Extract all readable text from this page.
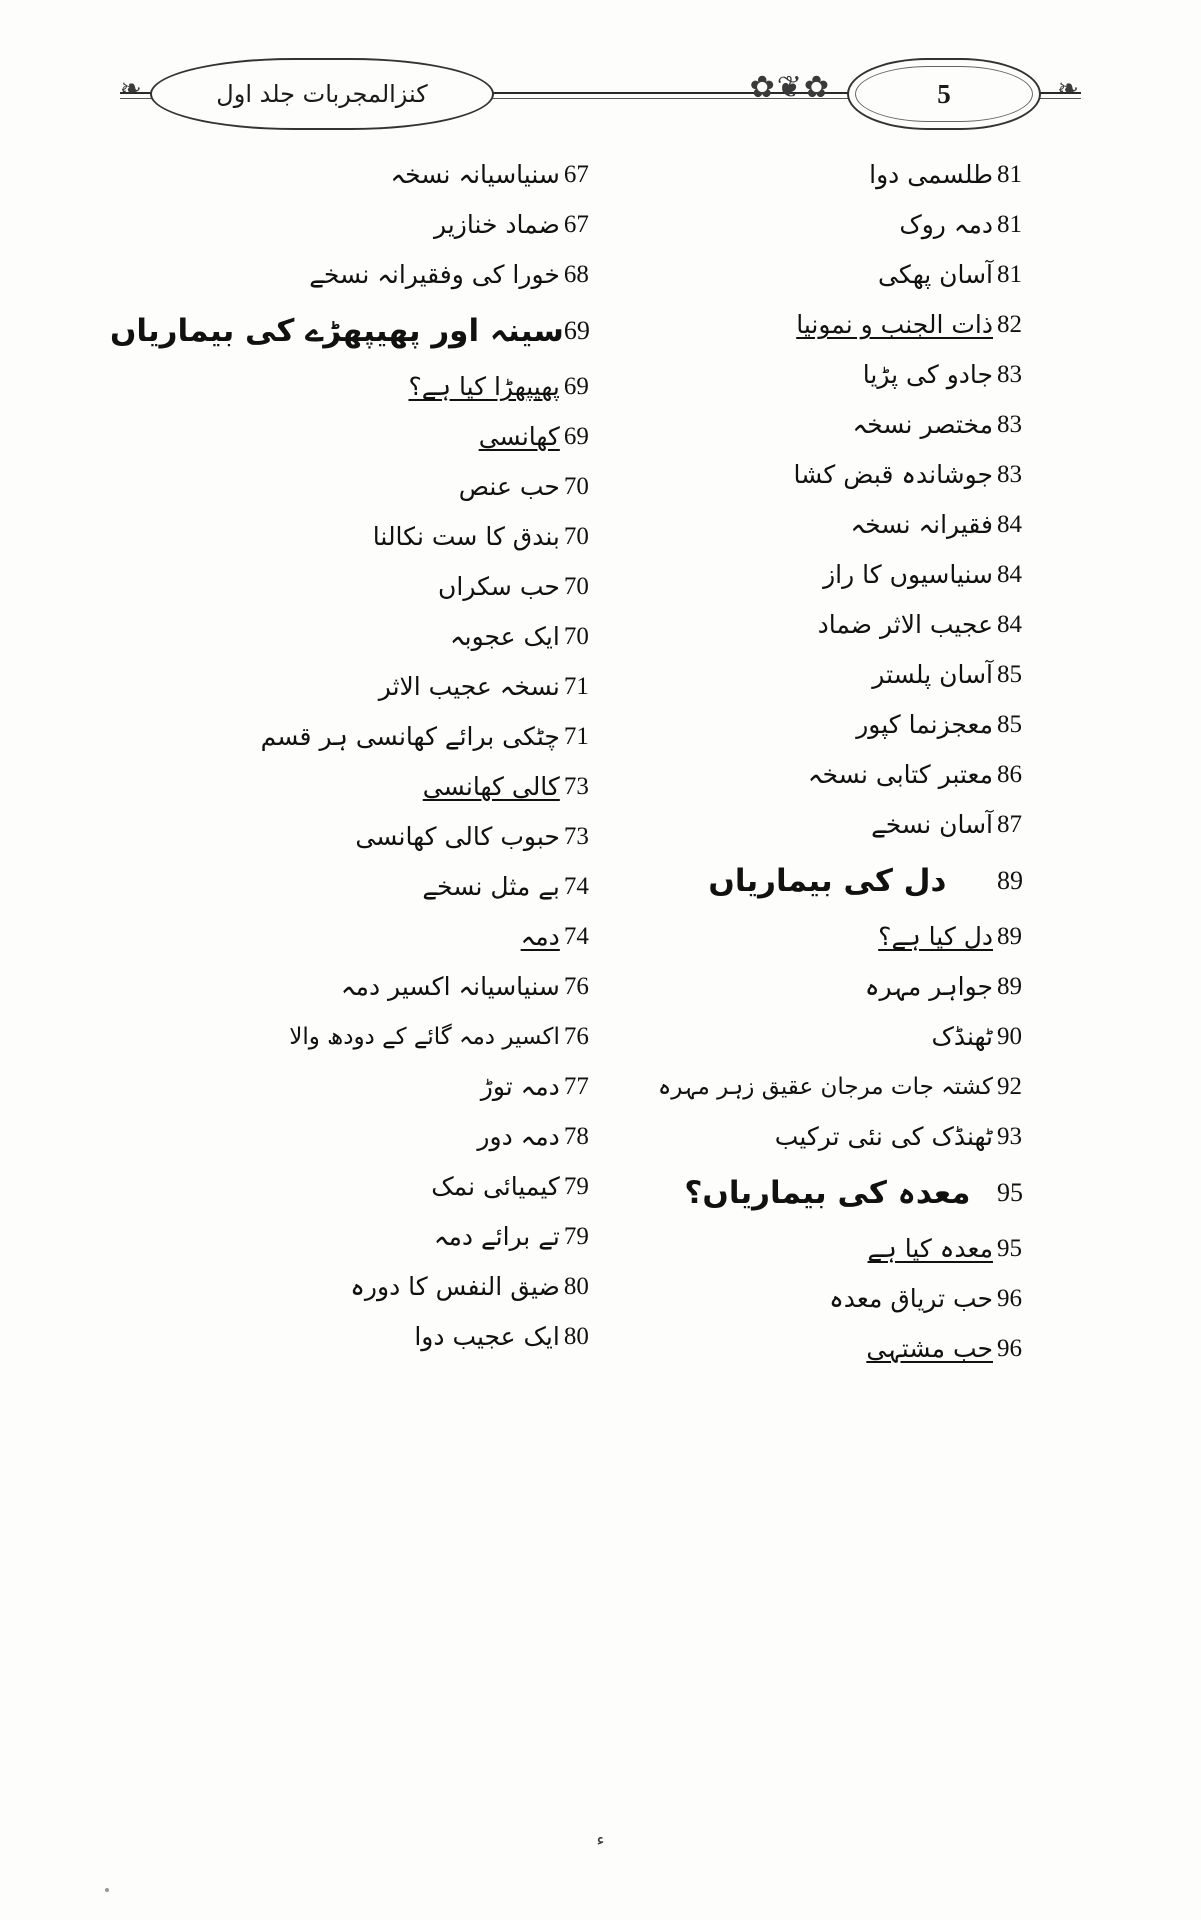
❧	❧
✿❦✿	5
کنزالمجربات جلد اول
81
طلسمی دوا
81
دمہ روک
81
آسان پھکی
82
ذات الجنب و نمونیا
83
جادو کی پڑیا
83
مختصر نسخہ
83
جوشاندہ قبض کشا
84
فقیرانہ نسخہ
84
سنیاسیوں کا راز
84
عجیب الاثر ضماد
85
آسان پلستر
85
معجزنما کپور
86
معتبر کتابی نسخہ
87
آسان نسخے
89
دل کی بیماریاں
89
دل کیا ہے؟
89
جواہر مہرہ
90
ٹھنڈک
92
کشتہ جات مرجان عقیق زہر مہرہ
93
ٹھنڈک کی نئی ترکیب
95
معدہ کی بیماریاں؟
95
معدہ کیا ہے
96
حب تریاق معدہ
96
حب مشتہی
67
سنیاسیانہ نسخہ
67
ضماد خنازیر
68
خورا کی وفقیرانہ نسخے
69
سینہ اور پھیپھڑے کی بیماریاں
69
پھیپھڑا کیا ہے؟
69
کھانسی
70
حب عنص
70
بندق کا ست نکالنا
70
حب سکراں
70
ایک عجوبہ
71
نسخہ عجیب الاثر
71
چٹکی برائے کھانسی ہر قسم
73
کالی کھانسی
73
حبوب کالی کھانسی
74
بے مثل نسخے
74
دمہ
76
سنیاسیانہ اکسیر دمہ
76
اکسیر دمہ گائے کے دودھ والا
77
دمہ توڑ
78
دمہ دور
79
کیمیائی نمک
79
تے برائے دمہ
80
ضیق النفس کا دورہ
80
ایک عجیب دوا
ء
